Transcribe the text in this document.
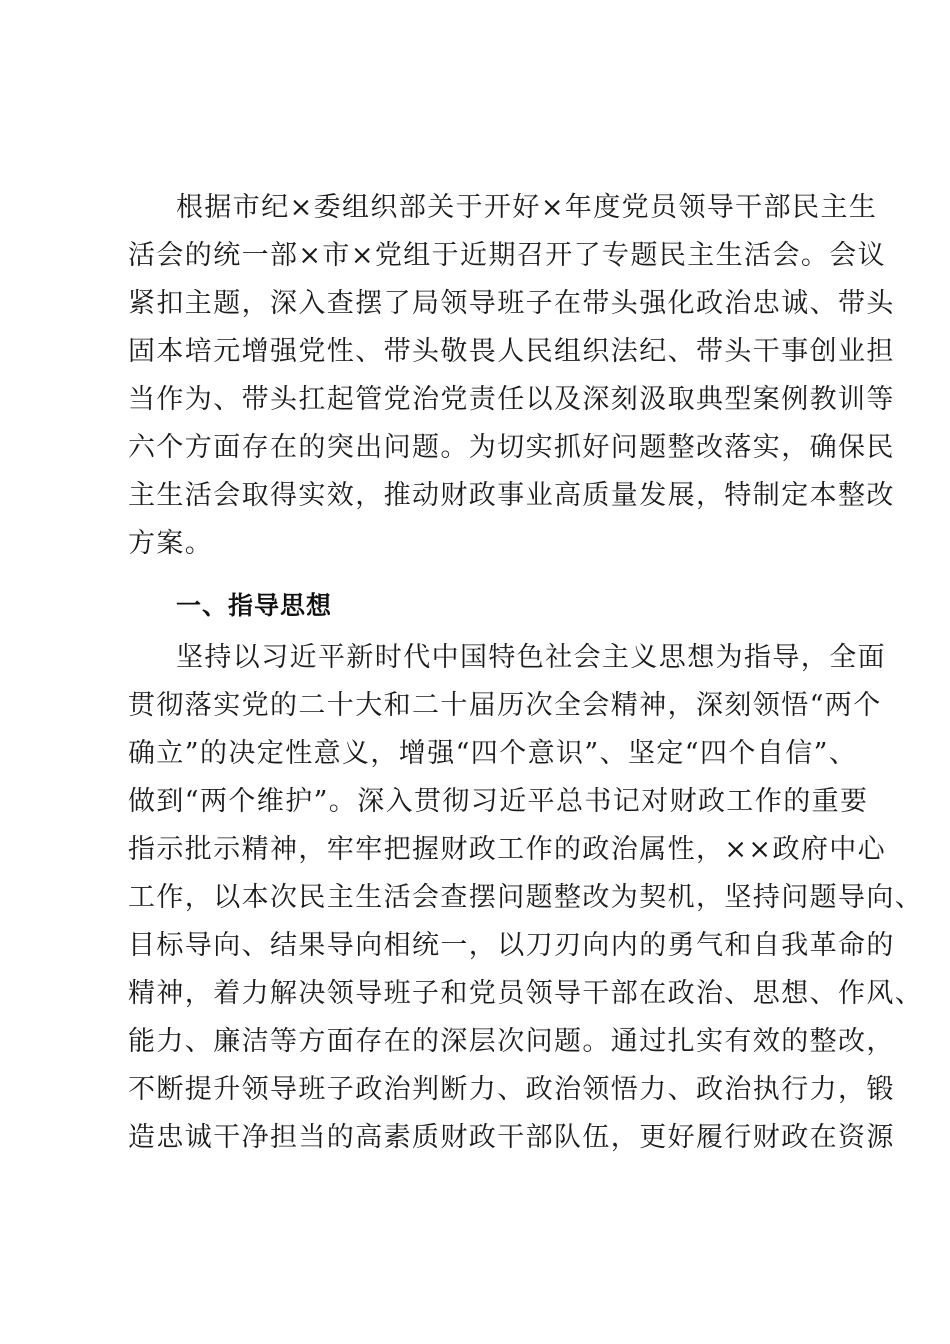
根据市纪×委组织部关于开好×年度党员领导干部民主生
活会的统一部×市×党组于近期召开了专题民主生活会。会议
紧扣主题，深入查摆了局领导班子在带头强化政治忠诚、带头
固本培元增强党性、带头敬畏人民组织法纪、带头干事创业担
当作为、带头扛起管党治党责任以及深刻汲取典型案例教训等
六个方面存在的突出问题。为切实抓好问题整改落实，确保民
主生活会取得实效，推动财政事业高质量发展，特制定本整改
方案。
一、指导思想
坚持以习近平新时代中国特色社会主义思想为指导，全面
贯彻落实党的二十大和二十届历次全会精神，深刻领悟“两个
确立”的决定性意义，增强“四个意识”、坚定“四个自信”、
做到“两个维护”。深入贯彻习近平总书记对财政工作的重要
指示批示精神，牢牢把握财政工作的政治属性，××政府中心
工作，以本次民主生活会查摆问题整改为契机，坚持问题导向、
目标导向、结果导向相统一，以刀刃向内的勇气和自我革命的
精神，着力解决领导班子和党员领导干部在政治、思想、作风、
能力、廉洁等方面存在的深层次问题。通过扎实有效的整改，
不断提升领导班子政治判断力、政治领悟力、政治执行力，锻
造忠诚干净担当的高素质财政干部队伍，更好履行财政在资源
